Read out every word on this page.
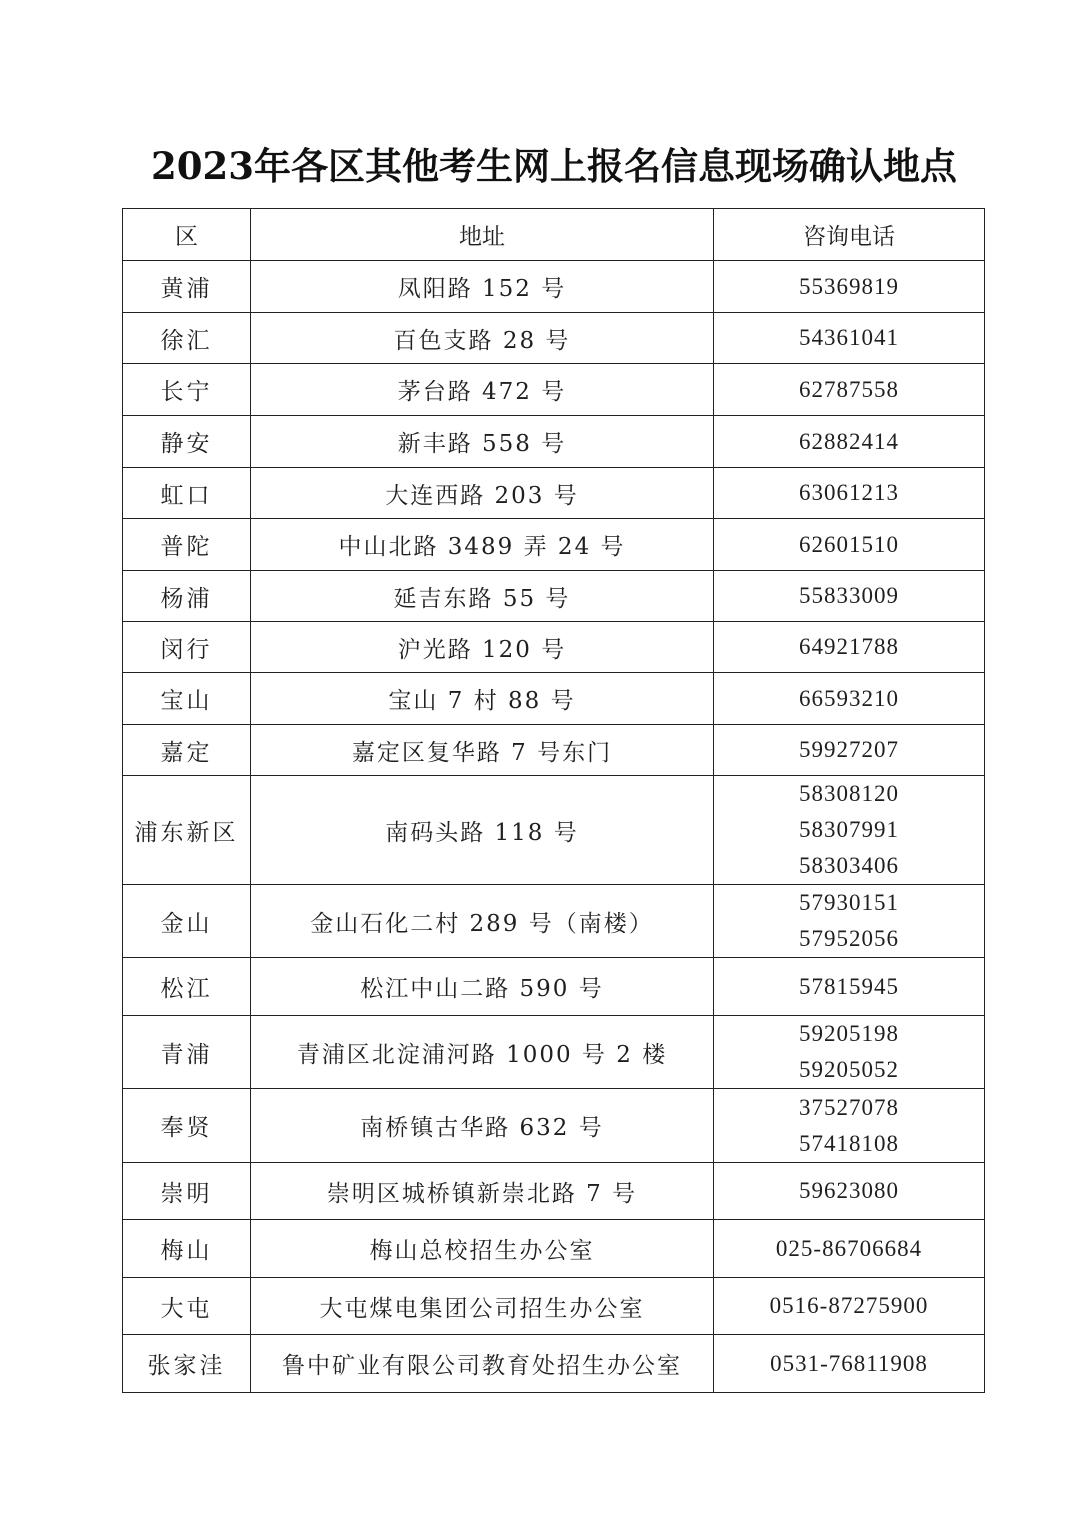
2023年各区其他考生网上报名信息现场确认地点
区	地址	咨询电话
黄浦	凤阳路 152 号	55369819

徐汇	百色支路 28 号	54361041

长宁	茅台路 472 号	62787558

静安	新丰路 558 号	62882414

虹口	大连西路 203 号	63061213

普陀	中山北路 3489 弄 24 号	62601510

杨浦	延吉东路 55 号	55833009

闵行	沪光路 120 号	64921788

宝山	宝山 7 村 88 号	66593210

嘉定	嘉定区复华路 7 号东门	59927207

浦东新区	南码头路 118 号	58308120
58307991
58303406

金山	金山石化二村 289 号（南楼）	57930151
57952056

松江	松江中山二路 590 号	57815945

青浦	青浦区北淀浦河路 1000 号 2 楼	59205198
59205052

奉贤	南桥镇古华路 632 号	37527078
57418108

崇明	崇明区城桥镇新崇北路 7 号	59623080

梅山	梅山总校招生办公室	025-86706684

大屯	大屯煤电集团公司招生办公室	0516-87275900

张家洼	鲁中矿业有限公司教育处招生办公室	0531-76811908
